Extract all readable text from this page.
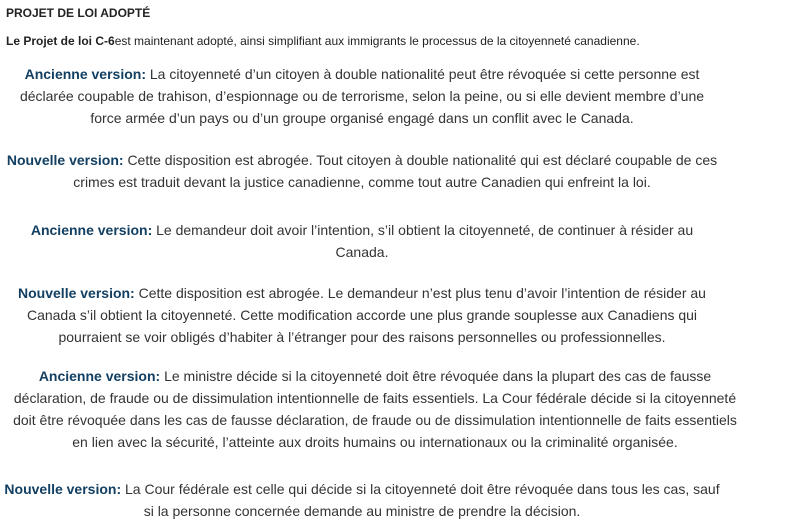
PROJET DE LOI ADOPTÉ
Le Projet de loi C-6est maintenant adopté, ainsi simplifiant aux immigrants le processus de la citoyenneté canadienne.

Ancienne version: La citoyenneté d’un citoyen à double nationalité peut être révoquée si cette personne est déclarée coupable de trahison, d’espionnage ou de terrorisme, selon la peine, ou si elle devient membre d’une force armée d’un pays ou d’un groupe organisé engagé dans un conflit avec le Canada.

Nouvelle version: Cette disposition est abrogée. Tout citoyen à double nationalité qui est déclaré coupable de ces crimes est traduit devant la justice canadienne, comme tout autre Canadien qui enfreint la loi.

Ancienne version: Le demandeur doit avoir l’intention, s’il obtient la citoyenneté, de continuer à résider au Canada.

Nouvelle version: Cette disposition est abrogée. Le demandeur n’est plus tenu d’avoir l’intention de résider au Canada s’il obtient la citoyenneté. Cette modification accorde une plus grande souplesse aux Canadiens qui pourraient se voir obligés d’habiter à l’étranger pour des raisons personnelles ou professionnelles.

Ancienne version: Le ministre décide si la citoyenneté doit être révoquée dans la plupart des cas de fausse déclaration, de fraude ou de dissimulation intentionnelle de faits essentiels. La Cour fédérale décide si la citoyenneté doit être révoquée dans les cas de fausse déclaration, de fraude ou de dissimulation intentionnelle de faits essentiels en lien avec la sécurité, l’atteinte aux droits humains ou internationaux ou la criminalité organisée.

Nouvelle version: La Cour fédérale est celle qui décide si la citoyenneté doit être révoquée dans tous les cas, sauf si la personne concernée demande au ministre de prendre la décision.
